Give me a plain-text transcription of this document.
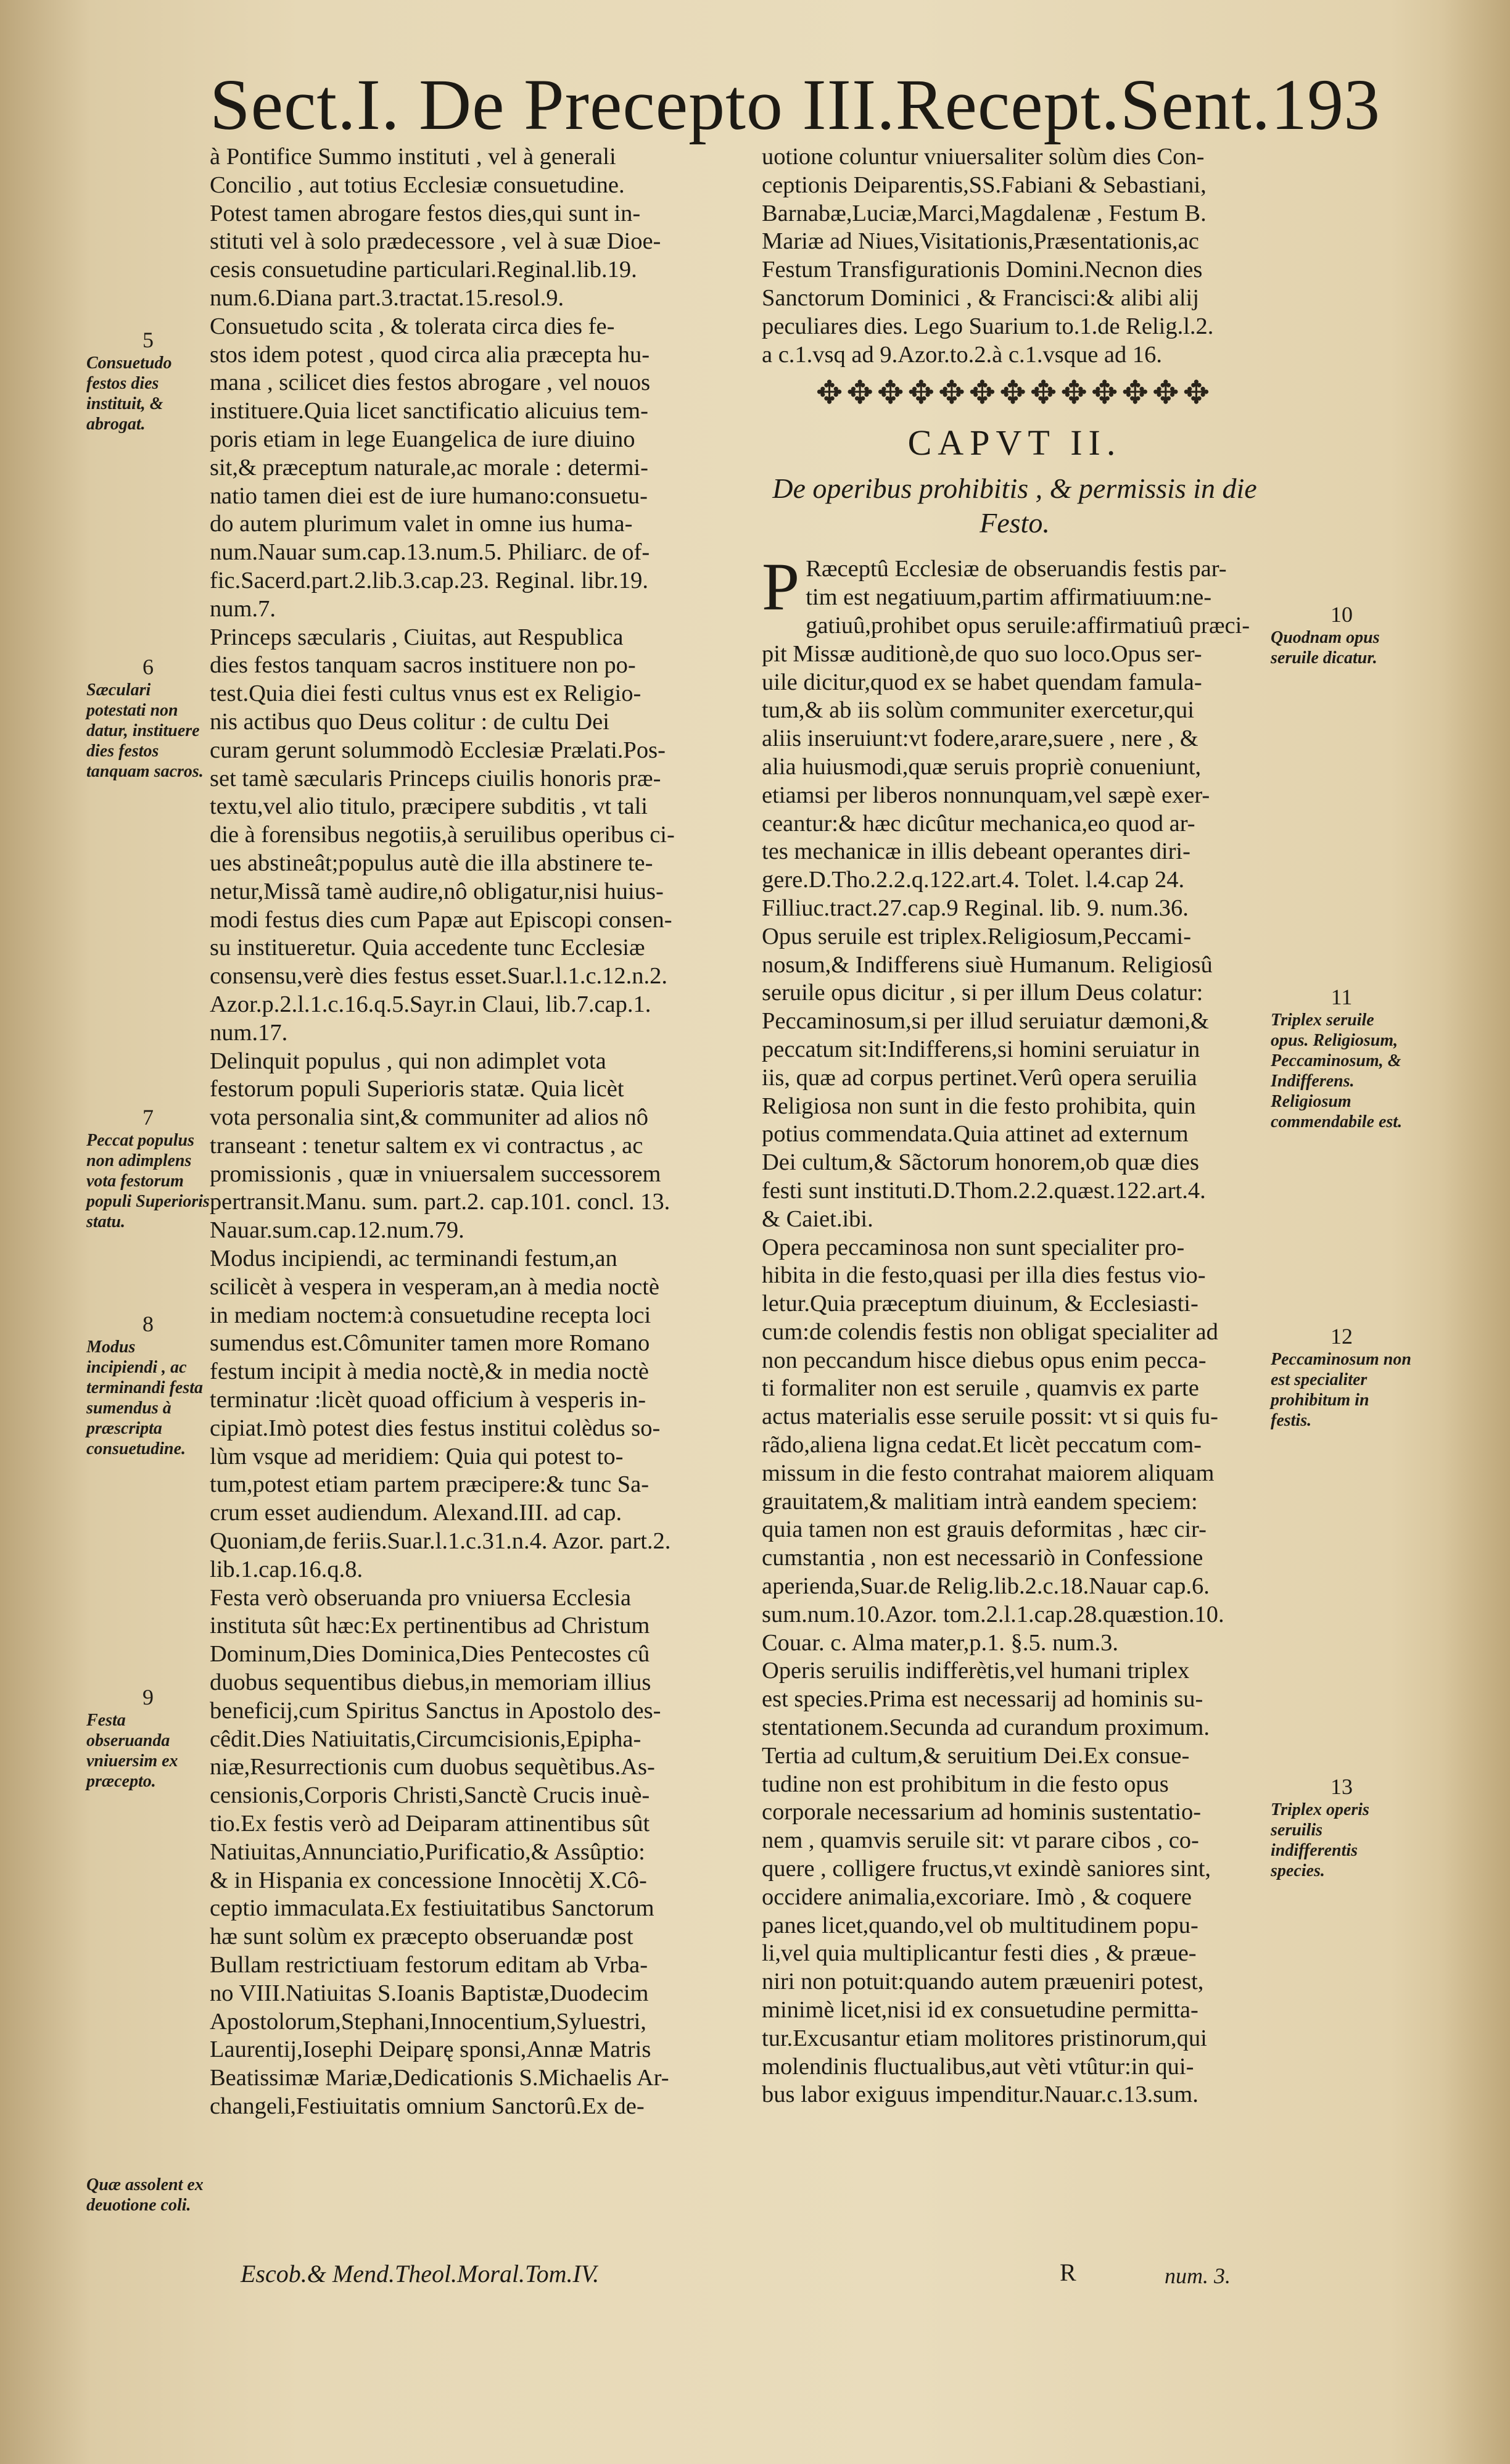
Sect.I. De Precepto III.Recept.Sent. 193
à Pontifice Summo instituti , vel à generali
Concilio , aut totius Ecclesiæ consuetudine.
Potest tamen abrogare festos dies,qui sunt in-
stituti vel à solo prædecessore , vel à suæ Dioe-
cesis consuetudine particulari.Reginal.lib.19.
num.6.Diana part.3.tractat.15.resol.9.
Consuetudo scita , & tolerata circa dies fe-
stos idem potest , quod circa alia præcepta hu-
mana , scilicet dies festos abrogare , vel nouos
instituere.Quia licet sanctificatio alicuius tem-
poris etiam in lege Euangelica de iure diuino
sit,& præceptum naturale,ac morale : determi-
natio tamen diei est de iure humano:consuetu-
do autem plurimum valet in omne ius huma-
num.Nauar sum.cap.13.num.5. Philiarc. de of-
fic.Sacerd.part.2.lib.3.cap.23. Reginal. libr.19.
num.7.
Princeps sæcularis , Ciuitas, aut Respublica
dies festos tanquam sacros instituere non po-
test.Quia diei festi cultus vnus est ex Religio-
nis actibus quo Deus colitur : de cultu Dei
curam gerunt solummodò Ecclesiæ Prælati.Pos-
set tamè sæcularis Princeps ciuilis honoris præ-
textu,vel alio titulo, præcipere subditis , vt tali
die à forensibus negotiis,à seruilibus operibus ci-
ues abstineât;populus autè die illa abstinere te-
netur,Missã tamè audire,nô obligatur,nisi huius-
modi festus dies cum Papæ aut Episcopi consen-
su institueretur. Quia accedente tunc Ecclesiæ
consensu,verè dies festus esset.Suar.l.1.c.12.n.2.
Azor.p.2.l.1.c.16.q.5.Sayr.in Claui, lib.7.cap.1.
num.17.
Delinquit populus , qui non adimplet vota
festorum populi Superioris statæ. Quia licèt
vota personalia sint,& communiter ad alios nô
transeant : tenetur saltem ex vi contractus , ac
promissionis , quæ in vniuersalem successorem
pertransit.Manu. sum. part.2. cap.101. concl. 13.
Nauar.sum.cap.12.num.79.
Modus incipiendi, ac terminandi festum,an
scilicèt à vespera in vesperam,an à media noctè
in mediam noctem:à consuetudine recepta loci
sumendus est.Cômuniter tamen more Romano
festum incipit à media noctè,& in media noctè
terminatur :licèt quoad officium à vesperis in-
cipiat.Imò potest dies festus institui colèdus so-
lùm vsque ad meridiem: Quia qui potest to-
tum,potest etiam partem præcipere:& tunc Sa-
crum esset audiendum. Alexand.III. ad cap.
Quoniam,de feriis.Suar.l.1.c.31.n.4. Azor. part.2.
lib.1.cap.16.q.8.
Festa verò obseruanda pro vniuersa Ecclesia
instituta sût hæc:Ex pertinentibus ad Christum
Dominum,Dies Dominica,Dies Pentecostes cû
duobus sequentibus diebus,in memoriam illius
beneficij,cum Spiritus Sanctus in Apostolo des-
cêdit.Dies Natiuitatis,Circumcisionis,Epipha-
niæ,Resurrectionis cum duobus sequètibus.As-
censionis,Corporis Christi,Sanctè Crucis inuè-
tio.Ex festis verò ad Deiparam attinentibus sût
Natiuitas,Annunciatio,Purificatio,& Assûptio:
& in Hispania ex concessione Innocètij X.Cô-
ceptio immaculata.Ex festiuitatibus Sanctorum
hæ sunt solùm ex præcepto obseruandæ post
Bullam restrictiuam festorum editam ab Vrba-
no VIII.Natiuitas S.Ioanis Baptistæ,Duodecim
Apostolorum,Stephani,Innocentium,Syluestri,
Laurentij,Iosephi Deiparę sponsi,Annæ Matris
Beatissimæ Mariæ,Dedicationis S.Michaelis Ar-
changeli,Festiuitatis omnium Sanctorû.Ex de-
uotione coluntur vniuersaliter solùm dies Con-
ceptionis Deiparentis,SS.Fabiani & Sebastiani,
Barnabæ,Luciæ,Marci,Magdalenæ , Festum B.
Mariæ ad Niues,Visitationis,Præsentationis,ac
Festum Transfigurationis Domini.Necnon dies
Sanctorum Dominici , & Francisci:& alibi alij
peculiares dies. Lego Suarium to.1.de Relig.l.2.
a c.1.vsq ad 9.Azor.to.2.à c.1.vsque ad 16.
✥✥✥✥✥✥✥✥✥✥✥✥✥
CAPVT II.
De operibus prohibitis , & permissis in die Festo.
P Ræceptû Ecclesiæ de obseruandis festis par-
tim est negatiuum,partim affirmatiuum:ne-
gatiuû,prohibet opus seruile:affirmatiuû præci-
pit Missæ auditionè,de quo suo loco.Opus ser-
uile dicitur,quod ex se habet quendam famula-
tum,& ab iis solùm communiter exercetur,qui
aliis inseruiunt:vt fodere,arare,suere , nere , &
alia huiusmodi,quæ seruis propriè conueniunt,
etiamsi per liberos nonnunquam,vel sæpè exer-
ceantur:& hæc dicûtur mechanica,eo quod ar-
tes mechanicæ in illis debeant operantes diri-
gere.D.Tho.2.2.q.122.art.4. Tolet. l.4.cap 24.
Filliuc.tract.27.cap.9 Reginal. lib. 9. num.36.
Opus seruile est triplex.Religiosum,Peccami-
nosum,& Indifferens siuè Humanum. Religiosû
seruile opus dicitur , si per illum Deus colatur:
Peccaminosum,si per illud seruiatur dæmoni,&
peccatum sit:Indifferens,si homini seruiatur in
iis, quæ ad corpus pertinet.Verû opera seruilia
Religiosa non sunt in die festo prohibita, quin
potius commendata.Quia attinet ad externum
Dei cultum,& Sãctorum honorem,ob quæ dies
festi sunt instituti.D.Thom.2.2.quæst.122.art.4.
& Caiet.ibi.
Opera peccaminosa non sunt specialiter pro-
hibita in die festo,quasi per illa dies festus vio-
letur.Quia præceptum diuinum, & Ecclesiasti-
cum:de colendis festis non obligat specialiter ad
non peccandum hisce diebus opus enim pecca-
ti formaliter non est seruile , quamvis ex parte
actus materialis esse seruile possit: vt si quis fu-
rãdo,aliena ligna cedat.Et licèt peccatum com-
missum in die festo contrahat maiorem aliquam
grauitatem,& malitiam intrà eandem speciem:
quia tamen non est grauis deformitas , hæc cir-
cumstantia , non est necessariò in Confessione
aperienda,Suar.de Relig.lib.2.c.18.Nauar cap.6.
sum.num.10.Azor. tom.2.l.1.cap.28.quæstion.10.
Couar. c. Alma mater,p.1. §.5. num.3.
Operis seruilis indifferètis,vel humani triplex
est species.Prima est necessarij ad hominis su-
stentationem.Secunda ad curandum proximum.
Tertia ad cultum,& seruitium Dei.Ex consue-
tudine non est prohibitum in die festo opus
corporale necessarium ad hominis sustentatio-
nem , quamvis seruile sit: vt parare cibos , co-
quere , colligere fructus,vt exindè saniores sint,
occidere animalia,excoriare. Imò , & coquere
panes licet,quando,vel ob multitudinem popu-
li,vel quia multiplicantur festi dies , & præue-
niri non potuit:quando autem præueniri potest,
minimè licet,nisi id ex consuetudine permitta-
tur.Excusantur etiam molitores pristinorum,qui
molendinis fluctualibus,aut vèti vtûtur:in qui-
bus labor exiguus impenditur.Nauar.c.13.sum.
5
Consuetudo festos dies instituit, & abrogat.
6
Sæculari potestati non datur, instituere dies festos tanquam sacros.
7
Peccat populus non adimplens vota festorum populi Superioris statu.
8
Modus incipiendi , ac terminandi festa sumendus à præscripta consuetudine.
9
Festa obseruanda vniuersim ex præcepto.
Quæ assolent ex deuotione coli.
10
Quodnam opus seruile dicatur.
11
Triplex seruile opus. Religiosum, Peccaminosum, & Indifferens. Religiosum commendabile est.
12
Peccaminosum non est specialiter prohibitum in festis.
13
Triplex operis seruilis indifferentis species.
Escob.& Mend.Theol.Moral.Tom.IV.	R	num. 3.
